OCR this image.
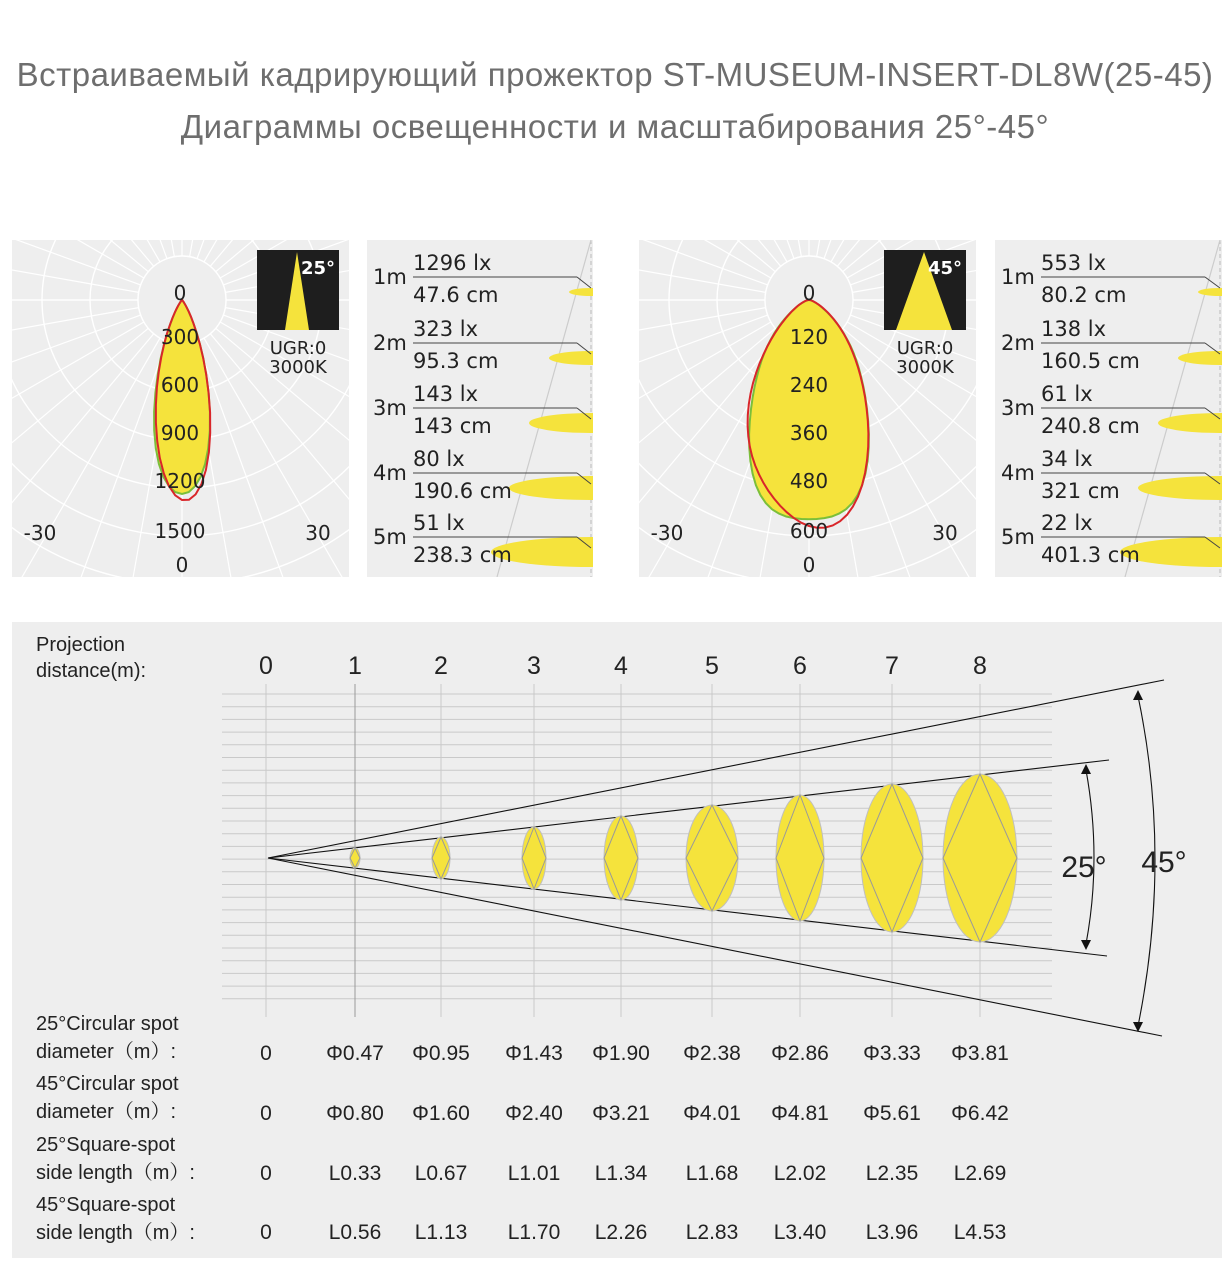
Встраиваемый кадрирующий прожектор ST-MUSEUM-INSERT-DL8W(25-45)
Диаграммы освещенности и масштабирования 25°-45°
0
300
600
900
1200
1500
-30	30
0
25°
UGR:0
3000K
1m
1296 lx
47.6 cm
2m
323 lx
95.3 cm
3m
143 lx
143 cm
4m
80 lx
190.6 cm
5m
51 lx
238.3 cm
0
120
240
360
480
600
-30	30
0
45°
UGR:0
3000K
1m
553 lx
80.2 cm
2m
138 lx
160.5 cm
3m
61 lx
240.8 cm
4m
34 lx
321 cm
5m
22 lx
401.3 cm
25° 45°
Projection
distance(m):	0	1	2	3	4	5	6	7	8
25°Circular spot
diameter（m）:	0	Φ0.47 Φ0.95 Φ1.43 Φ1.90 Φ2.38 Φ2.86 Φ3.33 Φ3.81
45°Circular spot
diameter（m）:	0	Φ0.80 Φ1.60 Φ2.40 Φ3.21 Φ4.01 Φ4.81 Φ5.61 Φ6.42
25°Square-spot
side length（m）:	0	L0.33 L0.67 L1.01 L1.34 L1.68 L2.02 L2.35 L2.69
45°Square-spot
side length（m）:	0	L0.56 L1.13 L1.70 L2.26 L2.83 L3.40 L3.96 L4.53
